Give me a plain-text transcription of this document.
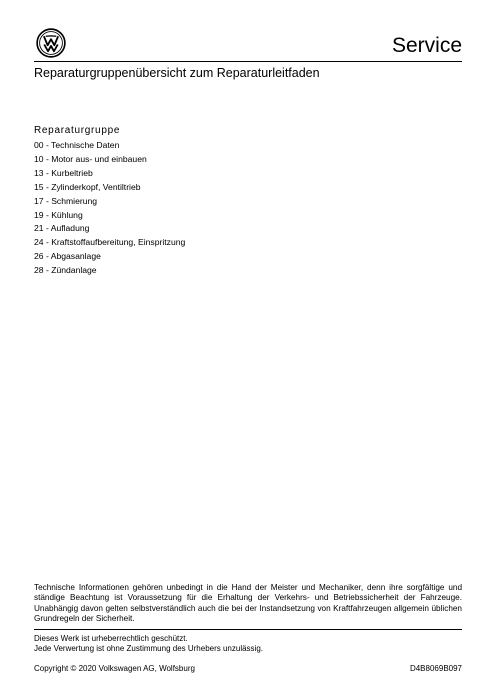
Service
Reparaturgruppenübersicht zum Reparaturleitfaden
Reparaturgruppe
00 - Technische Daten
10 - Motor aus- und einbauen
13 - Kurbeltrieb
15 - Zylinderkopf, Ventiltrieb
17 - Schmierung
19 - Kühlung
21 - Aufladung
24 - Kraftstoffaufbereitung, Einspritzung
26 - Abgasanlage
28 - Zündanlage
Technische Informationen gehören unbedingt in die Hand der Meister und Mechaniker, denn ihre sorgfältige und ständige Beachtung ist Voraussetzung für die Erhaltung der Verkehrs- und Betriebssicherheit der Fahrzeuge. Unabhängig davon gelten selbstverständlich auch die bei der Instandsetzung von Kraftfahrzeugen allgemein üblichen Grundregeln der Sicherheit.
Dieses Werk ist urheberrechtlich geschützt.
Jede Verwertung ist ohne Zustimmung des Urhebers unzulässig.
Copyright © 2020 Volkswagen AG, Wolfsburg	D4B8069B097
